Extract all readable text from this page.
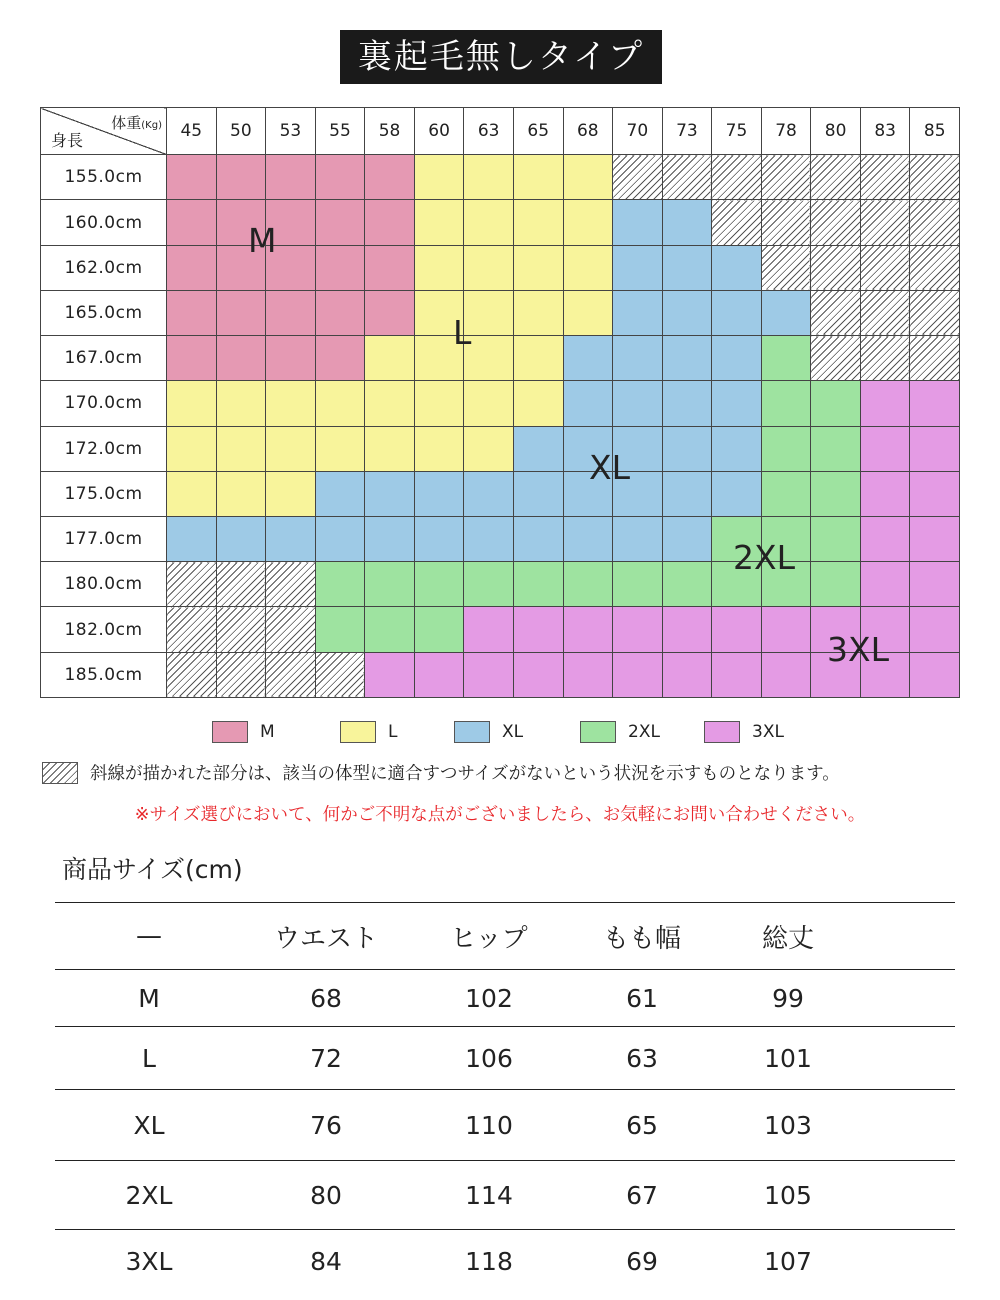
裏起毛無しタイプ
体重(Kg)
身長	45	50	53	55	58	60	63	65	68	70	73	75	78	80	83	85
155.0cm																
160.0cm																
162.0cm																
165.0cm																
167.0cm																
170.0cm																
172.0cm																
175.0cm																
177.0cm																
180.0cm																
182.0cm																
185.0cm																
M
L
XL
2XL
3XL
M	L	XL	2XL	3XL
斜線が描かれた部分は、該当の体型に適合すつサイズがないという状況を示すものとなります。
※サイズ選びにおいて、何かご不明な点がございましたら、お気軽にお問い合わせください。
商品サイズ(cm)
—	ウエスト	ヒップ	もも幅	総丈	
M	68	102	61	99	
L	72	106	63	101	
XL	76	110	65	103	
2XL	80	114	67	105	
3XL	84	118	69	107	
